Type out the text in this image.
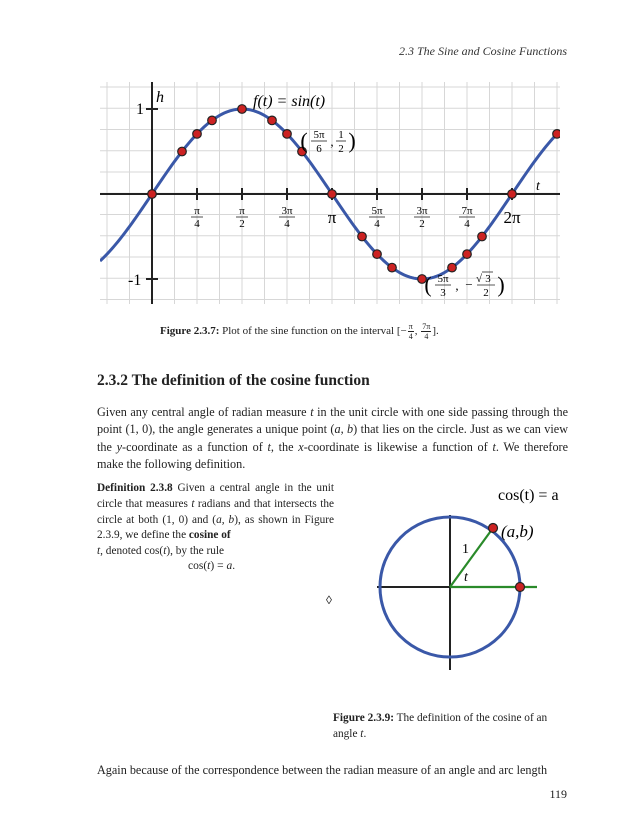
2.3 The Sine and Cosine Functions
h
t
1
-1
f(t) = sin(t)
π
4
π
2
3π
4 π	5π
4
3π
2
7π
4 2π
( 5π
6 , 1
2 )
( 5π
3 , − √ 3
2 )
Figure 2.3.7: Plot of the sine function on the interval [− $\frac{\pi}{4}$ , $\frac{7\pi}{4}$ ].
2.3.2 The definition of the cosine function
Given any central angle of radian measure t in the unit circle with one side passing through the point (1, 0), the angle generates a unique point (a, b) that lies on the circle. Just as we can view the y-coordinate as a function of t, the x-coordinate is likewise a function of t. We therefore make the following definition.
Definition 2.3.8 Given a central angle in the unit circle that measures t radians and that intersects the circle at both (1, 0) and (a, b), as shown in Figure 2.3.9, we define the cosine of
t, denoted cos(t), by the rule
cos(t) = a.
◊
cos(t) = a
(a,b)
1
t
Figure 2.3.9: The definition of the cosine of an angle t.
Again because of the correspondence between the radian measure of an angle and arc length
119
